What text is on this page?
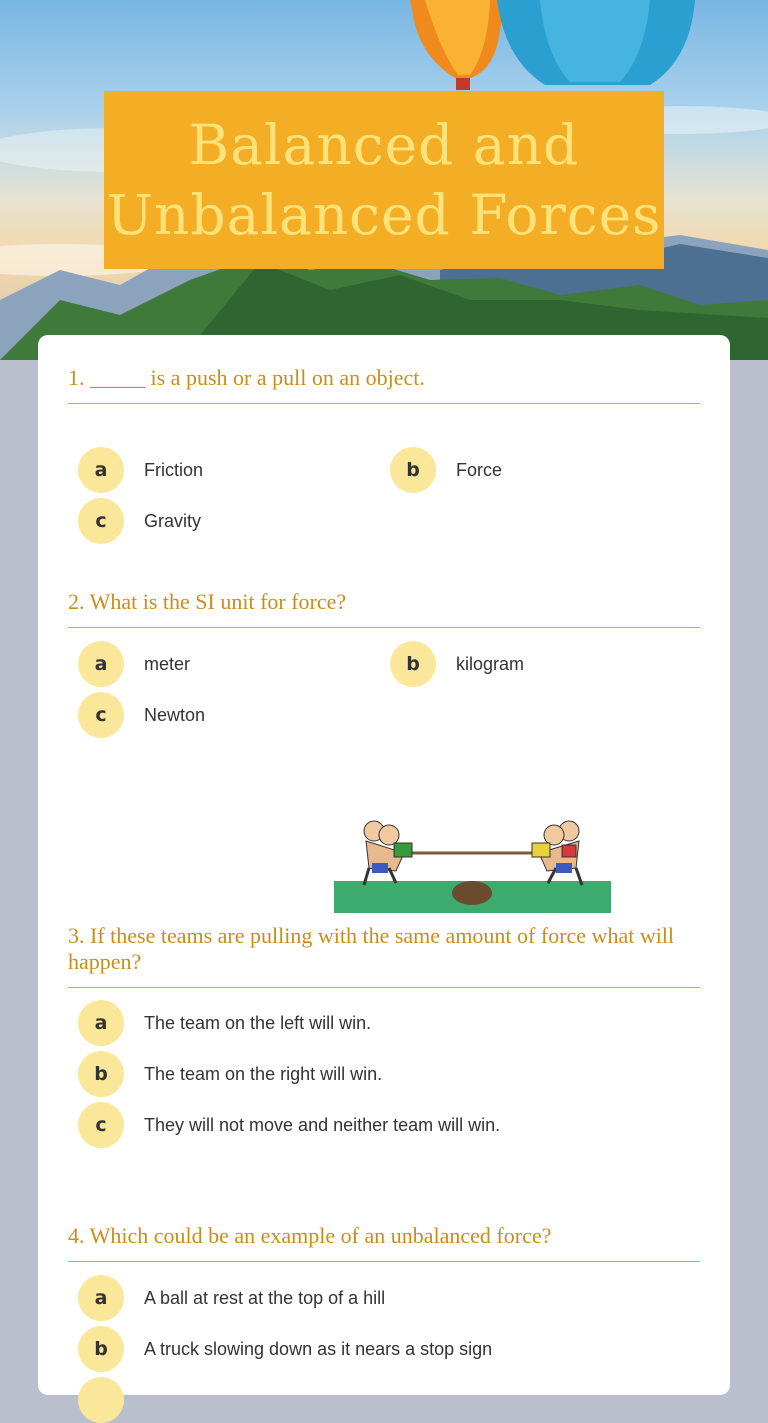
Balanced and Unbalanced Forces
1. _____ is a push or a pull on an object.
a	Friction	b	Force
c	Gravity
2. What is the SI unit for force?
a	meter	b	kilogram
c	Newton
3. If these teams are pulling with the same amount of force what will happen?
a	The team on the left will win.
b	The team on the right will win.
c	They will not move and neither team will win.
4. Which could be an example of an unbalanced force?
a	A ball at rest at the top of a hill
b	A truck slowing down as it nears a stop sign
